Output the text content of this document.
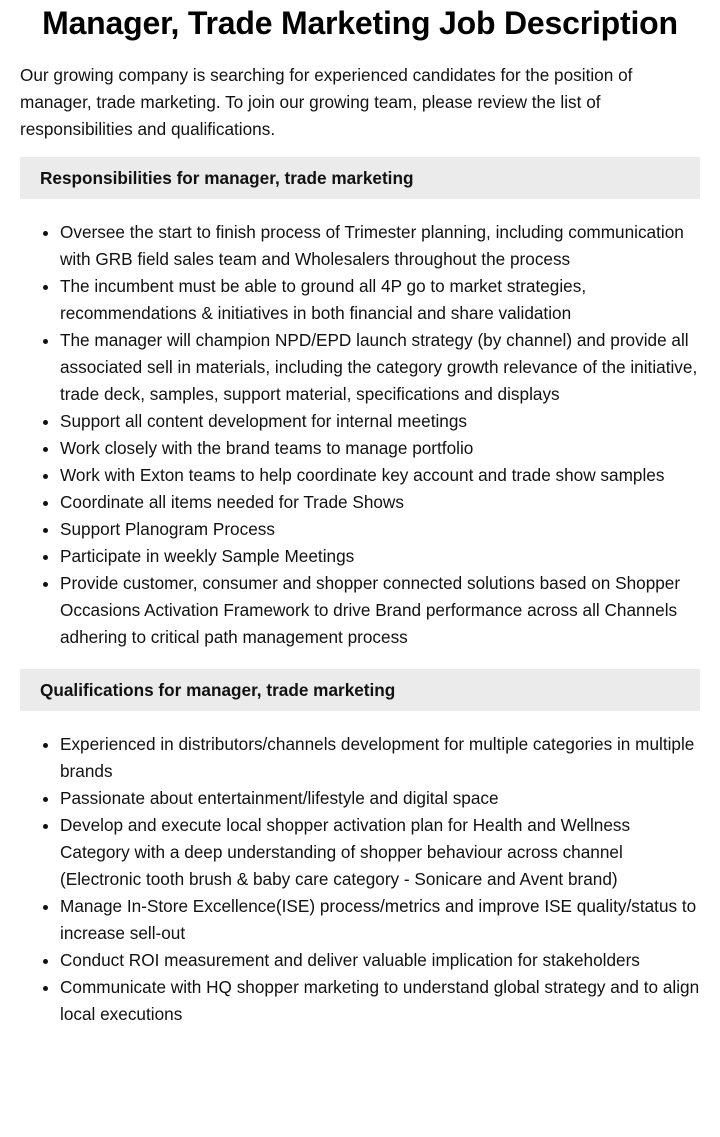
Manager, Trade Marketing Job Description

Our growing company is searching for experienced candidates for the position of manager, trade marketing. To join our growing team, please review the list of responsibilities and qualifications.

Responsibilities for manager, trade marketing
• Oversee the start to finish process of Trimester planning, including communication with GRB field sales team and Wholesalers throughout the process
• The incumbent must be able to ground all 4P go to market strategies, recommendations & initiatives in both financial and share validation
• The manager will champion NPD/EPD launch strategy (by channel) and provide all associated sell in materials, including the category growth relevance of the initiative, trade deck, samples, support material, specifications and displays
• Support all content development for internal meetings
• Work closely with the brand teams to manage portfolio
• Work with Exton teams to help coordinate key account and trade show samples
• Coordinate all items needed for Trade Shows
• Support Planogram Process
• Participate in weekly Sample Meetings
• Provide customer, consumer and shopper connected solutions based on Shopper Occasions Activation Framework to drive Brand performance across all Channels adhering to critical path management process
Qualifications for manager, trade marketing
• Experienced in distributors/channels development for multiple categories in multiple brands
• Passionate about entertainment/lifestyle and digital space
• Develop and execute local shopper activation plan for Health and Wellness Category with a deep understanding of shopper behaviour across channel (Electronic tooth brush & baby care category - Sonicare and Avent brand)
• Manage In-Store Excellence(ISE) process/metrics and improve ISE quality/status to increase sell-out
• Conduct ROI measurement and deliver valuable implication for stakeholders
• Communicate with HQ shopper marketing to understand global strategy and to align local executions
